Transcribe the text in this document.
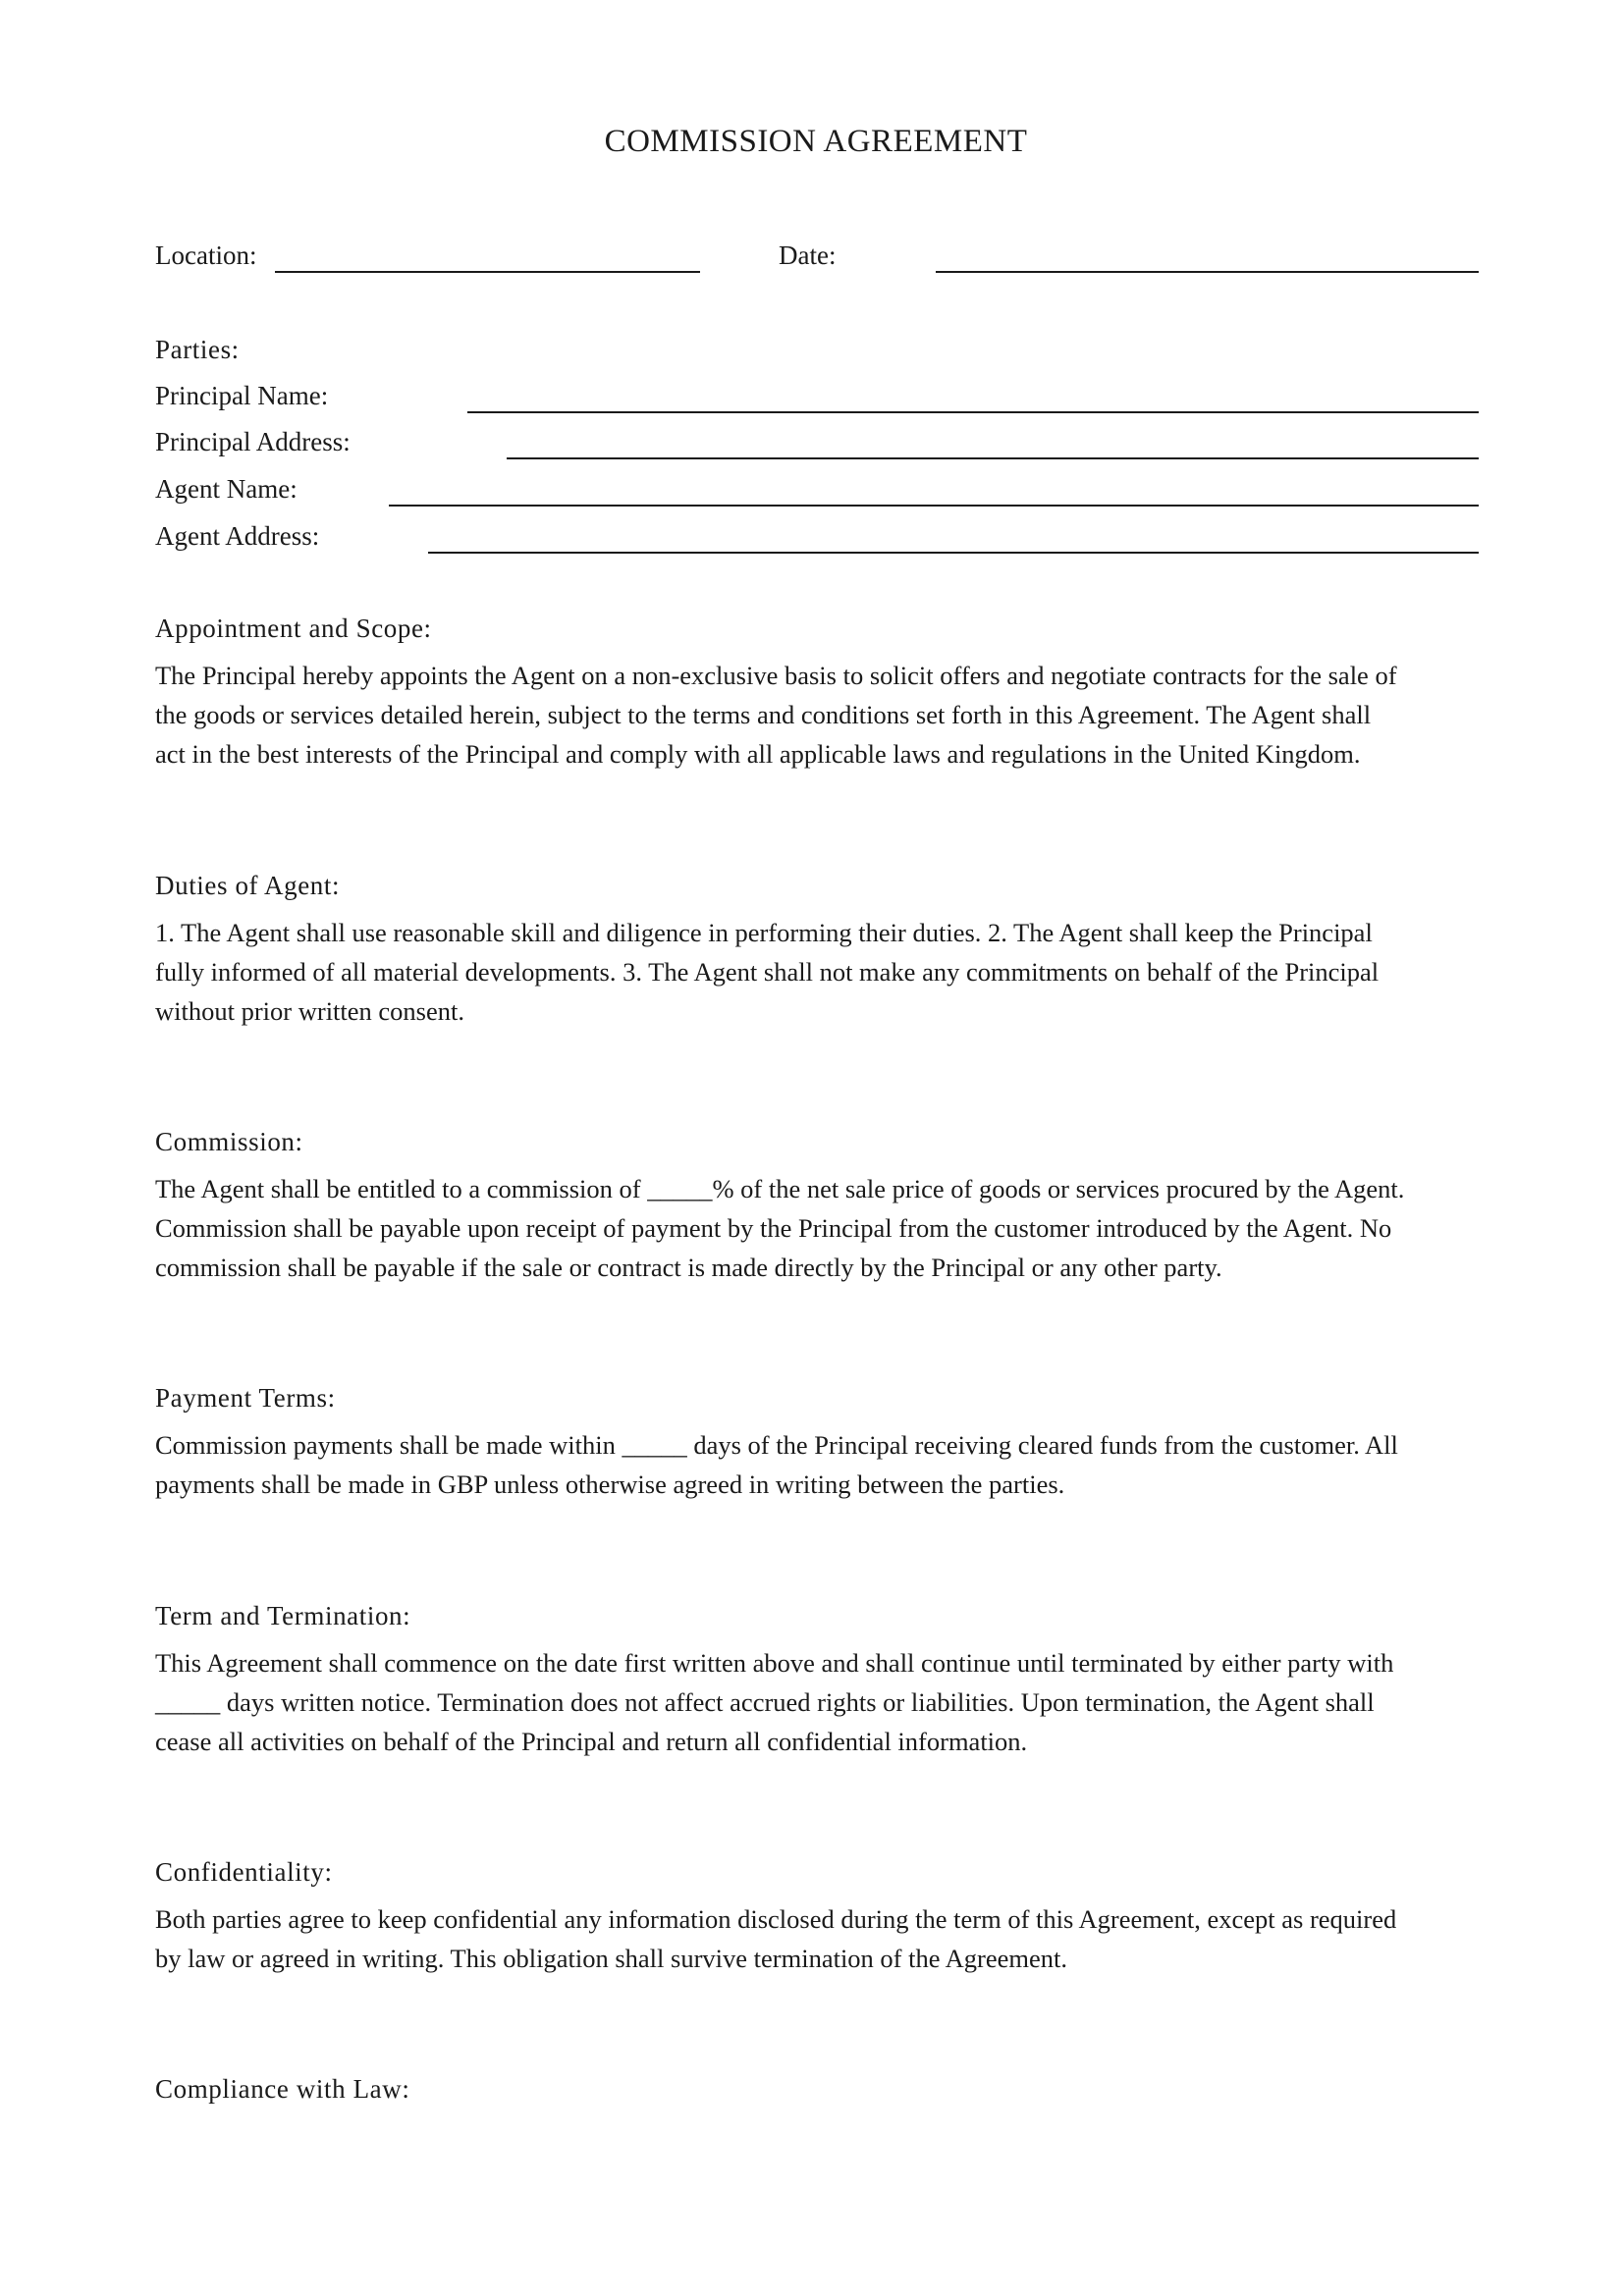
COMMISSION AGREEMENT
Location:	Date:
Parties:
Principal Name:
Principal Address:
Agent Name:
Agent Address:
Appointment and Scope:
The Principal hereby appoints the Agent on a non-exclusive basis to solicit offers and negotiate contracts for the sale of
the goods or services detailed herein, subject to the terms and conditions set forth in this Agreement. The Agent shall
act in the best interests of the Principal and comply with all applicable laws and regulations in the United Kingdom.
Duties of Agent:
1. The Agent shall use reasonable skill and diligence in performing their duties. 2. The Agent shall keep the Principal
fully informed of all material developments. 3. The Agent shall not make any commitments on behalf of the Principal
without prior written consent.
Commission:
The Agent shall be entitled to a commission of _____% of the net sale price of goods or services procured by the Agent.
Commission shall be payable upon receipt of payment by the Principal from the customer introduced by the Agent. No
commission shall be payable if the sale or contract is made directly by the Principal or any other party.
Payment Terms:
Commission payments shall be made within _____ days of the Principal receiving cleared funds from the customer. All
payments shall be made in GBP unless otherwise agreed in writing between the parties.
Term and Termination:
This Agreement shall commence on the date first written above and shall continue until terminated by either party with
_____ days written notice. Termination does not affect accrued rights or liabilities. Upon termination, the Agent shall
cease all activities on behalf of the Principal and return all confidential information.
Confidentiality:
Both parties agree to keep confidential any information disclosed during the term of this Agreement, except as required
by law or agreed in writing. This obligation shall survive termination of the Agreement.
Compliance with Law:
